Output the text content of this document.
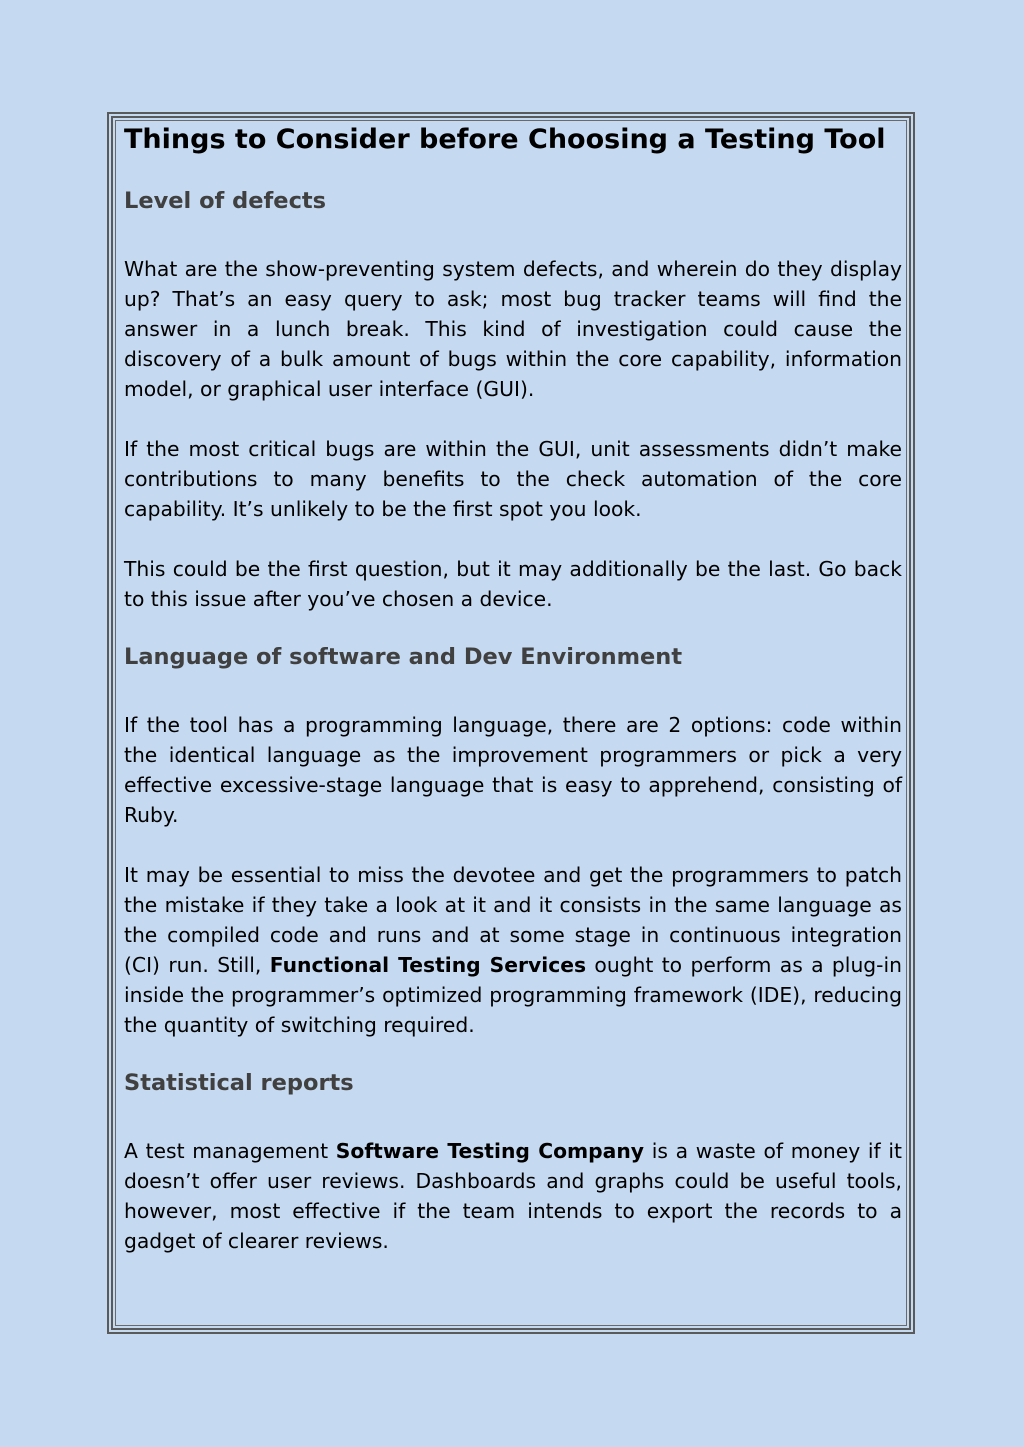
Things to Consider before Choosing a Testing Tool
Level of defects

What are the show-preventing system defects, and wherein do they display up? That’s an easy query to ask; most bug tracker teams will find the answer in a lunch break. This kind of investigation could cause the discovery of a bulk amount of bugs within the core capability, information model, or graphical user interface (GUI).

If the most critical bugs are within the GUI, unit assessments didn’t make contributions to many benefits to the check automation of the core capability. It’s unlikely to be the first spot you look.

This could be the first question, but it may additionally be the last. Go back to this issue after you’ve chosen a device.

Language of software and Dev Environment

If the tool has a programming language, there are 2 options: code within the identical language as the improvement programmers or pick a very effective excessive-stage language that is easy to apprehend, consisting of Ruby.

It may be essential to miss the devotee and get the programmers to patch the mistake if they take a look at it and it consists in the same language as the compiled code and runs and at some stage in continuous integration (CI) run. Still, Functional Testing Services ought to perform as a plug-in inside the programmer’s optimized programming framework (IDE), reducing the quantity of switching required.

Statistical reports

A test management Software Testing Company is a waste of money if it doesn’t offer user reviews. Dashboards and graphs could be useful tools, however, most effective if the team intends to export the records to a gadget of clearer reviews.
